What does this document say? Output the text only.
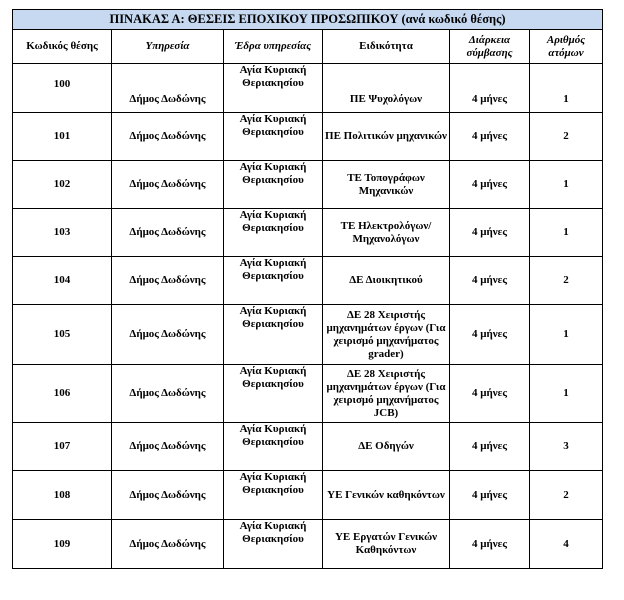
ΠΙΝΑΚΑΣ Α: ΘΕΣΕΙΣ ΕΠΟΧΙΚΟΥ ΠΡΟΣΩΠΙΚΟΥ (ανά κωδικό θέσης)					
Κωδικός θέσης	Υπηρεσία	Έδρα υπηρεσίας	Ειδικότητα	Διάρκεια σύμβασης	Αριθμός ατόμων
100	Δήμος Δωδώνης	Αγία Κυριακή Θεριακησίου	ΠΕ Ψυχολόγων	4 μήνες	1
101	Δήμος Δωδώνης	Αγία Κυριακή Θεριακησίου	ΠΕ Πολιτικών μηχανικών	4 μήνες	2
102	Δήμος Δωδώνης	Αγία Κυριακή Θεριακησίου	ΤΕ Τοπογράφων Μηχανικών	4 μήνες	1
103	Δήμος Δωδώνης	Αγία Κυριακή Θεριακησίου	ΤΕ Ηλεκτρολόγων/ Μηχανολόγων	4 μήνες	1
104	Δήμος Δωδώνης	Αγία Κυριακή Θεριακησίου	ΔΕ Διοικητικού	4 μήνες	2
105	Δήμος Δωδώνης	Αγία Κυριακή Θεριακησίου	ΔΕ 28 Χειριστής μηχανημάτων έργων (Για χειρισμό μηχανήματος grader)	4 μήνες	1
106	Δήμος Δωδώνης	Αγία Κυριακή Θεριακησίου	ΔΕ 28 Χειριστής μηχανημάτων έργων (Για χειρισμό μηχανήματος JCB)	4 μήνες	1
107	Δήμος Δωδώνης	Αγία Κυριακή Θεριακησίου	ΔΕ Οδηγών	4 μήνες	3
108	Δήμος Δωδώνης	Αγία Κυριακή Θεριακησίου	ΥΕ Γενικών καθηκόντων	4 μήνες	2
109	Δήμος Δωδώνης	Αγία Κυριακή Θεριακησίου	ΥΕ Εργατών Γενικών Καθηκόντων	4 μήνες	4
